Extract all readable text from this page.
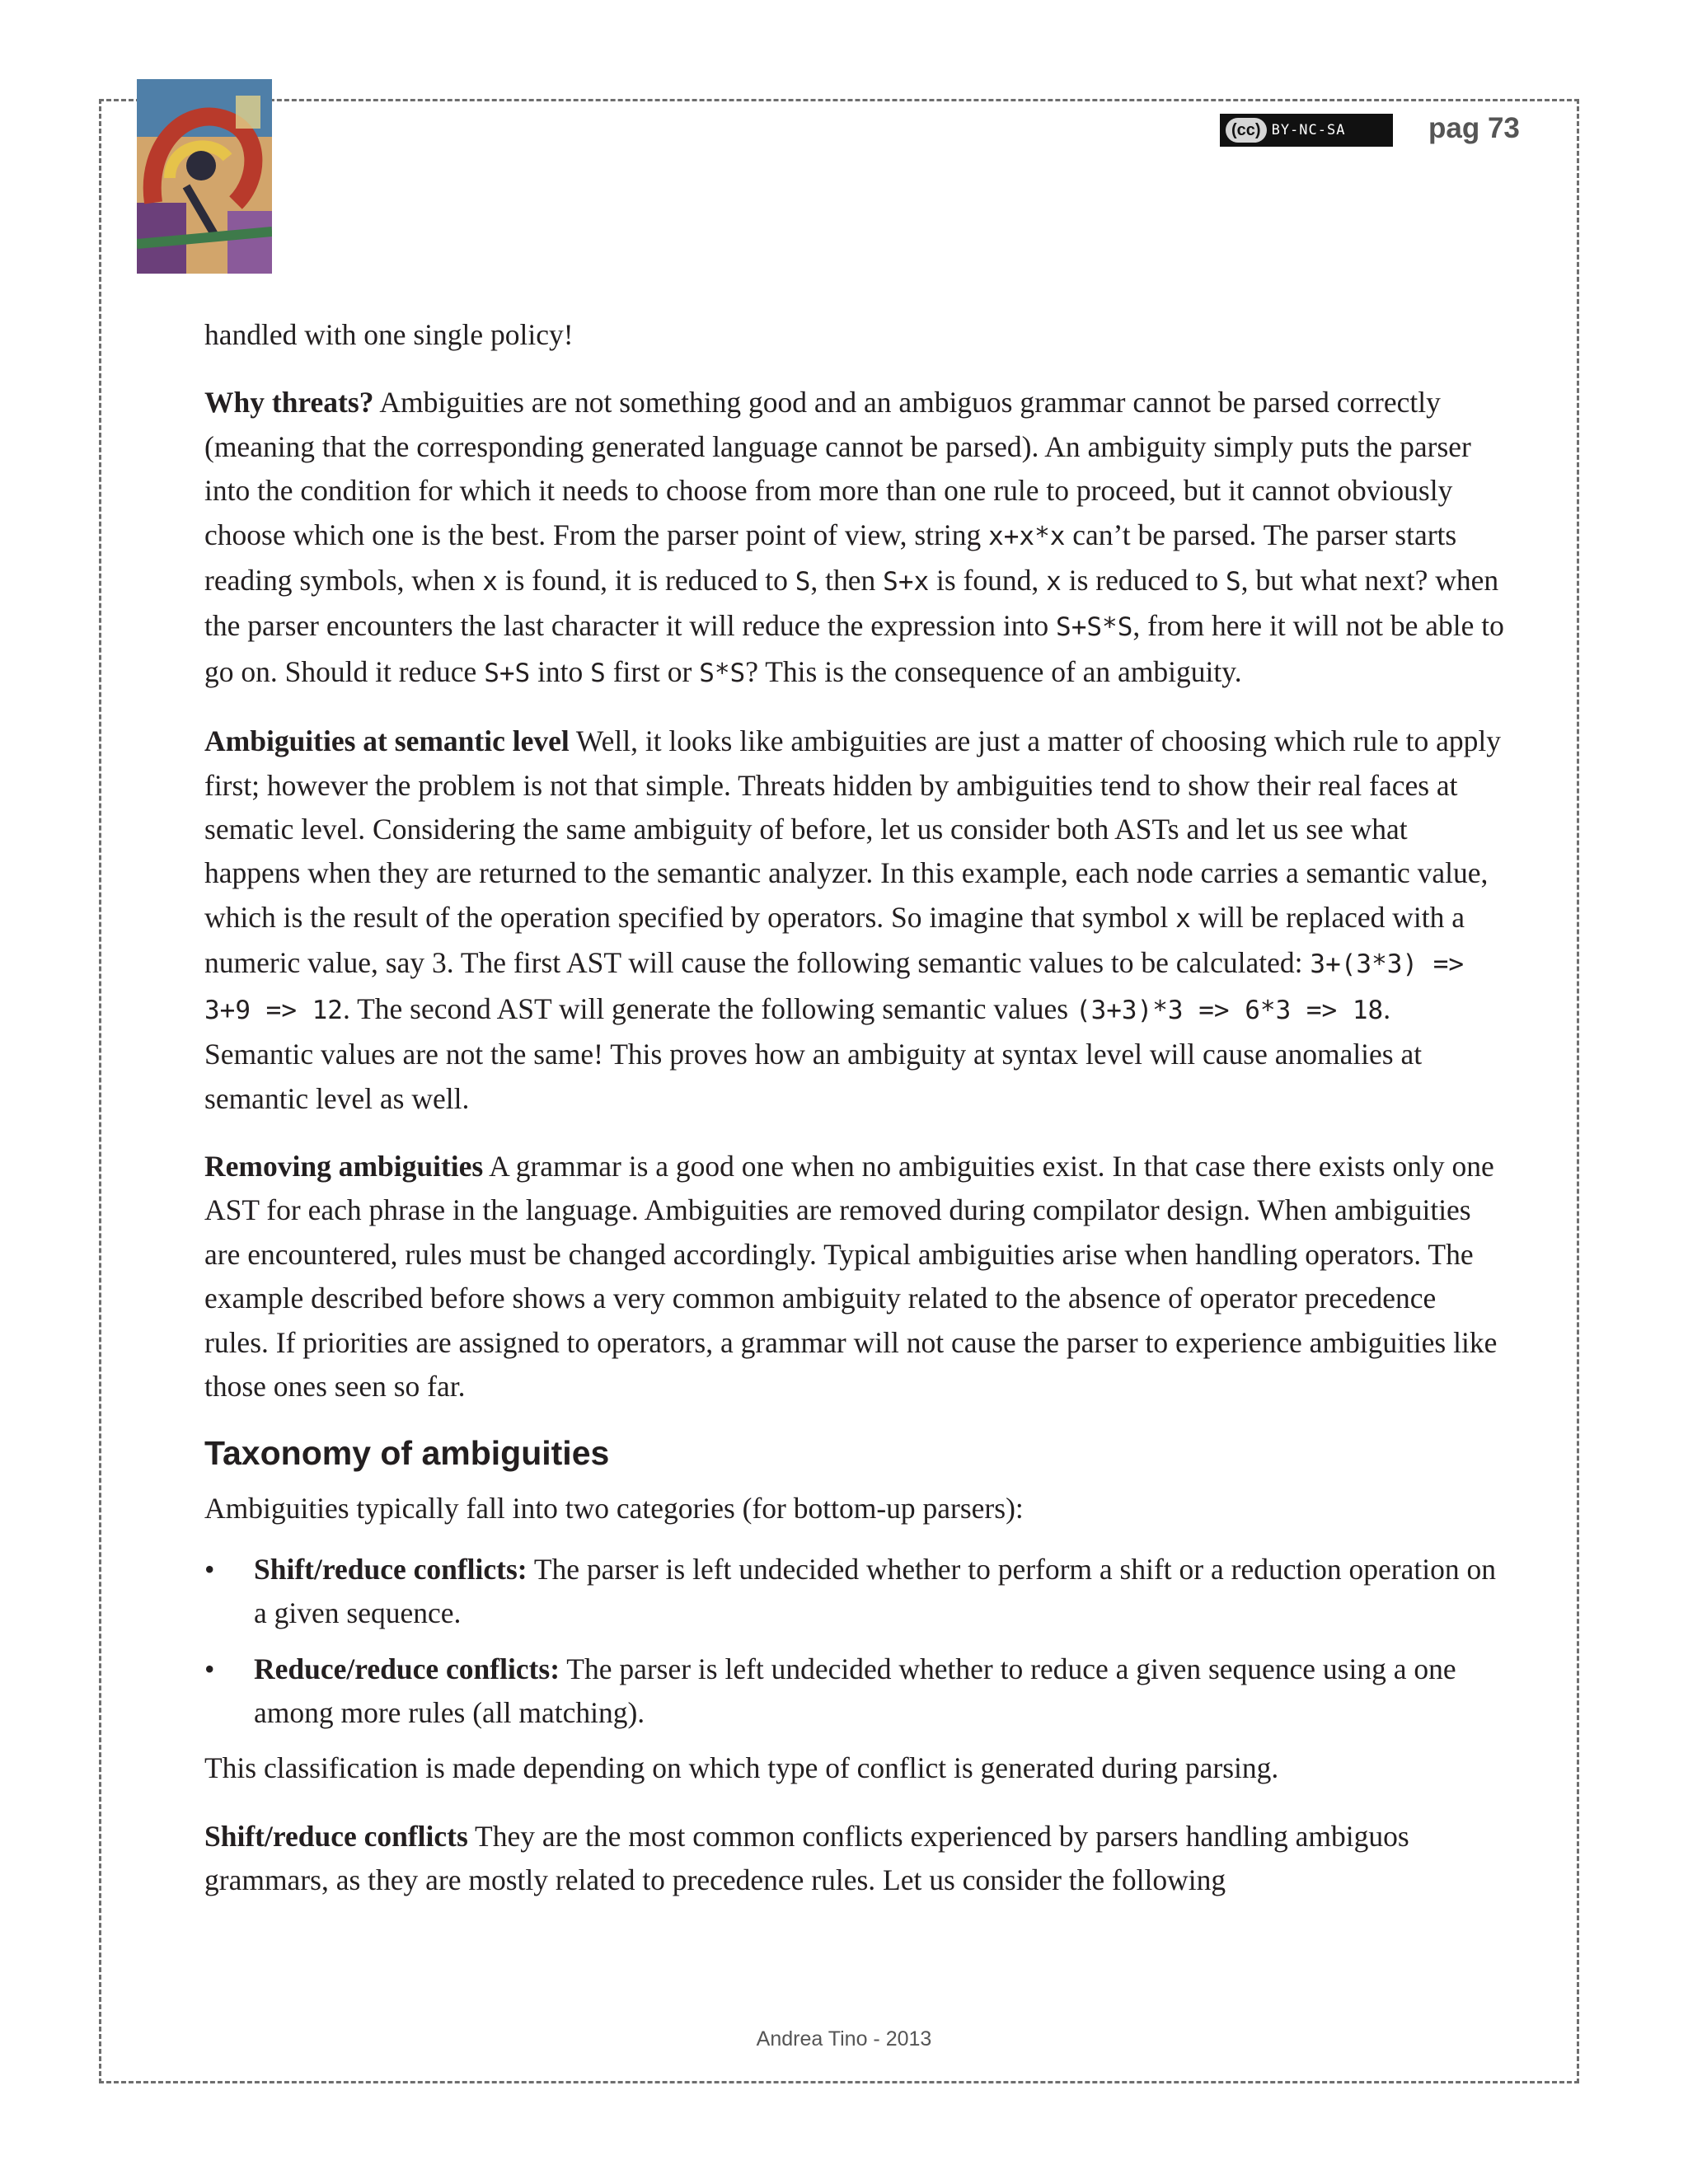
(cc) BY-NC-SA	pag 73

handled with one single policy!

Why threats? Ambiguities are not something good and an ambiguos grammar cannot be parsed correctly (meaning that the corresponding generated language cannot be parsed). An ambiguity simply puts the parser into the condition for which it needs to choose from more than one rule to proceed, but it cannot obviously choose which one is the best. From the parser point of view, string x+x*x can’t be parsed. The parser starts reading symbols, when x is found, it is reduced to S, then S+x is found, x is reduced to S, but what next? when the parser encounters the last character it will reduce the expression into S+S*S, from here it will not be able to go on. Should it reduce S+S into S first or S*S? This is the consequence of an ambiguity.

Ambiguities at semantic level Well, it looks like ambiguities are just a matter of choosing which rule to apply first; however the problem is not that simple. Threats hidden by ambiguities tend to show their real faces at sematic level. Considering the same ambiguity of before, let us consider both ASTs and let us see what happens when they are returned to the semantic analyzer. In this example, each node carries a semantic value, which is the result of the operation specified by operators. So imagine that symbol x will be replaced with a numeric value, say 3. The first AST will cause the following semantic values to be calculated: 3+(3*3) => 3+9 => 12. The second AST will generate the following semantic values (3+3)*3 => 6*3 => 18. Semantic values are not the same! This proves how an ambiguity at syntax level will cause anomalies at semantic level as well.

Removing ambiguities A grammar is a good one when no ambiguities exist. In that case there exists only one AST for each phrase in the language. Ambiguities are removed during compilator design. When ambiguities are encountered, rules must be changed accordingly. Typical ambiguities arise when handling operators. The example described before shows a very common ambiguity related to the absence of operator precedence rules. If priorities are assigned to operators, a grammar will not cause the parser to experience ambiguities like those ones seen so far.

Taxonomy of ambiguities

Ambiguities typically fall into two categories (for bottom-up parsers):

• Shift/reduce conflicts: The parser is left undecided whether to perform a shift or a reduction operation on a given sequence.
• Reduce/reduce conflicts: The parser is left undecided whether to reduce a given sequence using a one among more rules (all matching).

This classification is made depending on which type of conflict is generated during parsing.

Shift/reduce conflicts They are the most common conflicts experienced by parsers handling ambiguos grammars, as they are mostly related to precedence rules. Let us consider the following

Andrea Tino - 2013
